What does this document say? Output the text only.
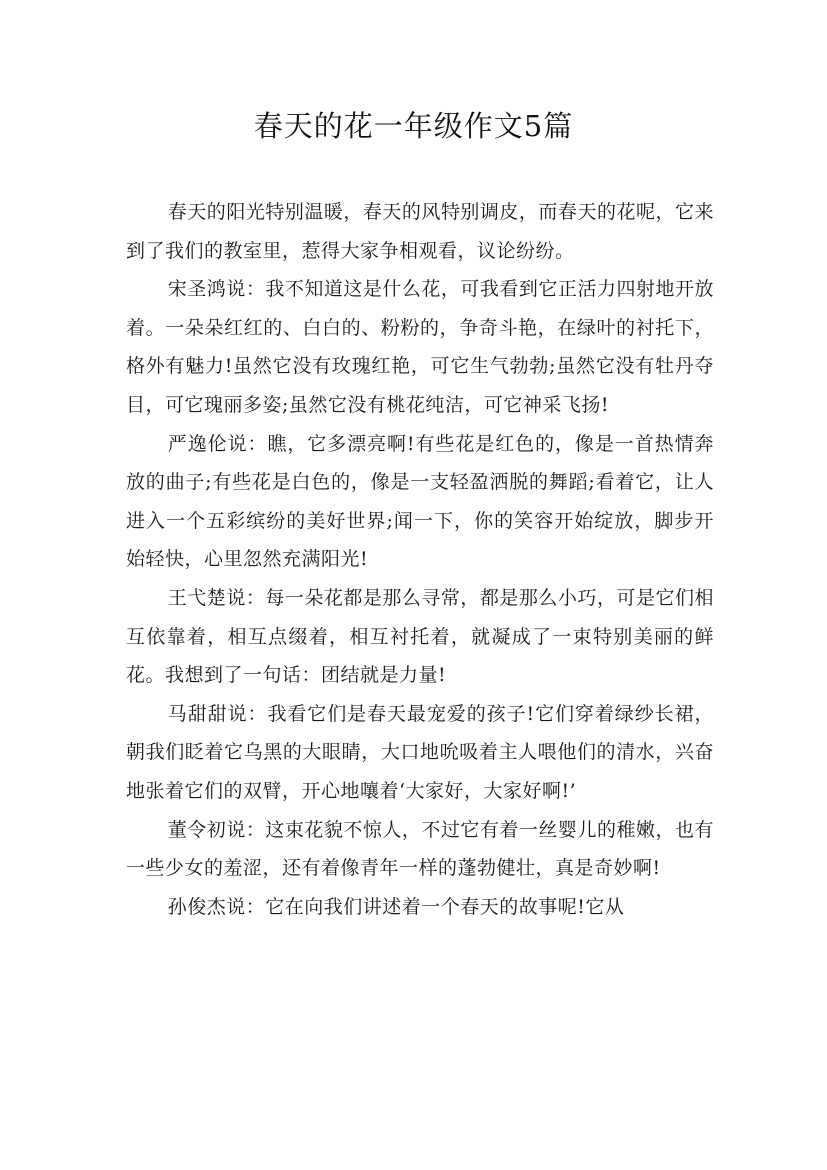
春天的花一年级作文5篇

春天的阳光特别温暖，春天的风特别调皮，而春天的花呢，它来到了我们的教室里，惹得大家争相观看，议论纷纷。

宋圣鸿说：我不知道这是什么花，可我看到它正活力四射地开放着。一朵朵红红的、白白的、粉粉的，争奇斗艳，在绿叶的衬托下，格外有魅力!虽然它没有玫瑰红艳，可它生气勃勃;虽然它没有牡丹夺目，可它瑰丽多姿;虽然它没有桃花纯洁，可它神采飞扬!

严逸伦说：瞧，它多漂亮啊!有些花是红色的，像是一首热情奔放的曲子;有些花是白色的，像是一支轻盈洒脱的舞蹈;看着它，让人进入一个五彩缤纷的美好世界;闻一下，你的笑容开始绽放，脚步开始轻快，心里忽然充满阳光!

王弋楚说：每一朵花都是那么寻常，都是那么小巧，可是它们相互依靠着，相互点缀着，相互衬托着，就凝成了一束特别美丽的鲜花。我想到了一句话：团结就是力量!

马甜甜说：我看它们是春天最宠爱的孩子!它们穿着绿纱长裙，朝我们眨着它乌黑的大眼睛，大口地吮吸着主人喂他们的清水，兴奋地张着它们的双臂，开心地嚷着‘大家好，大家好啊!’

董令初说：这束花貌不惊人，不过它有着一丝婴儿的稚嫩，也有一些少女的羞涩，还有着像青年一样的蓬勃健壮，真是奇妙啊!

孙俊杰说：它在向我们讲述着一个春天的故事呢!它从
